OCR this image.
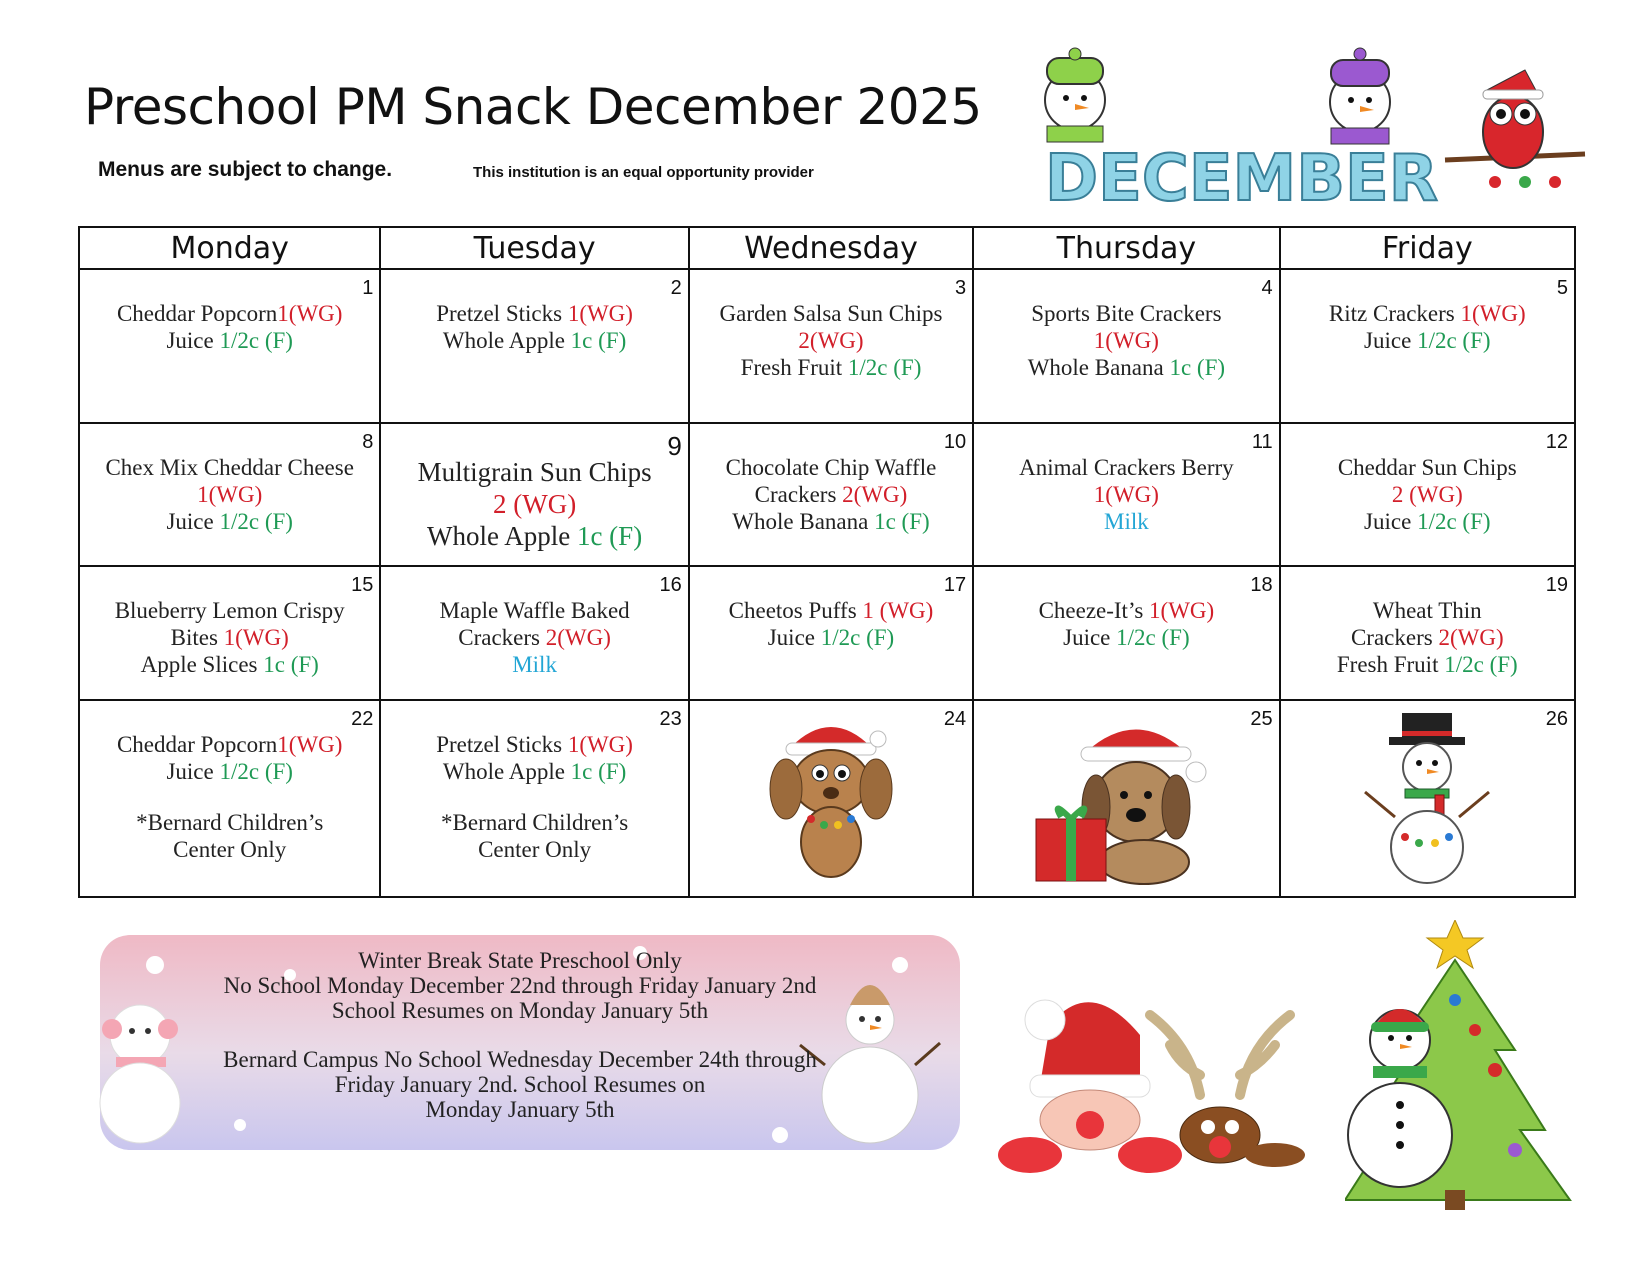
Preschool PM Snack December 2025
Menus are subject to change.	This institution is an equal opportunity provider	DECEMBER
Monday	Tuesday	Wednesday	Thursday	Friday

1
Cheddar Popcorn1(WG)
Juice 1/2c (F)	2
Pretzel Sticks 1(WG)
Whole Apple 1c (F)	3
Garden Salsa Sun Chips
2(WG)
Fresh Fruit 1/2c (F)	4
Sports Bite Crackers
1(WG)
Whole Banana 1c (F)	5
Ritz Crackers 1(WG)
Juice 1/2c (F)

8
Chex Mix Cheddar Cheese
1(WG)
Juice 1/2c (F)	9
Multigrain Sun Chips
2 (WG)
Whole Apple 1c (F)	10
Chocolate Chip Waffle
Crackers 2(WG)
Whole Banana 1c (F)	11
Animal Crackers Berry
1(WG)
Milk	12
Cheddar Sun Chips
2 (WG)
Juice 1/2c (F)

15
Blueberry Lemon Crispy
Bites 1(WG)
Apple Slices 1c (F)	16
Maple Waffle Baked
Crackers 2(WG)
Milk	17
Cheetos Puffs 1 (WG)
Juice 1/2c (F)	18
Cheeze-It’s 1(WG)
Juice 1/2c (F)	19
Wheat Thin
Crackers 2(WG)
Fresh Fruit 1/2c (F)

22
Cheddar Popcorn1(WG)
Juice 1/2c (F)
*Bernard Children’s
Center Only	23
Pretzel Sticks 1(WG)
Whole Apple 1c (F)
*Bernard Children’s
Center Only	24	25	26
Winter Break State Preschool Only
No School Monday December 22nd through Friday January 2nd
School Resumes on Monday January 5th
Bernard Campus No School Wednesday December 24th through
Friday January 2nd. School Resumes on
Monday January 5th
